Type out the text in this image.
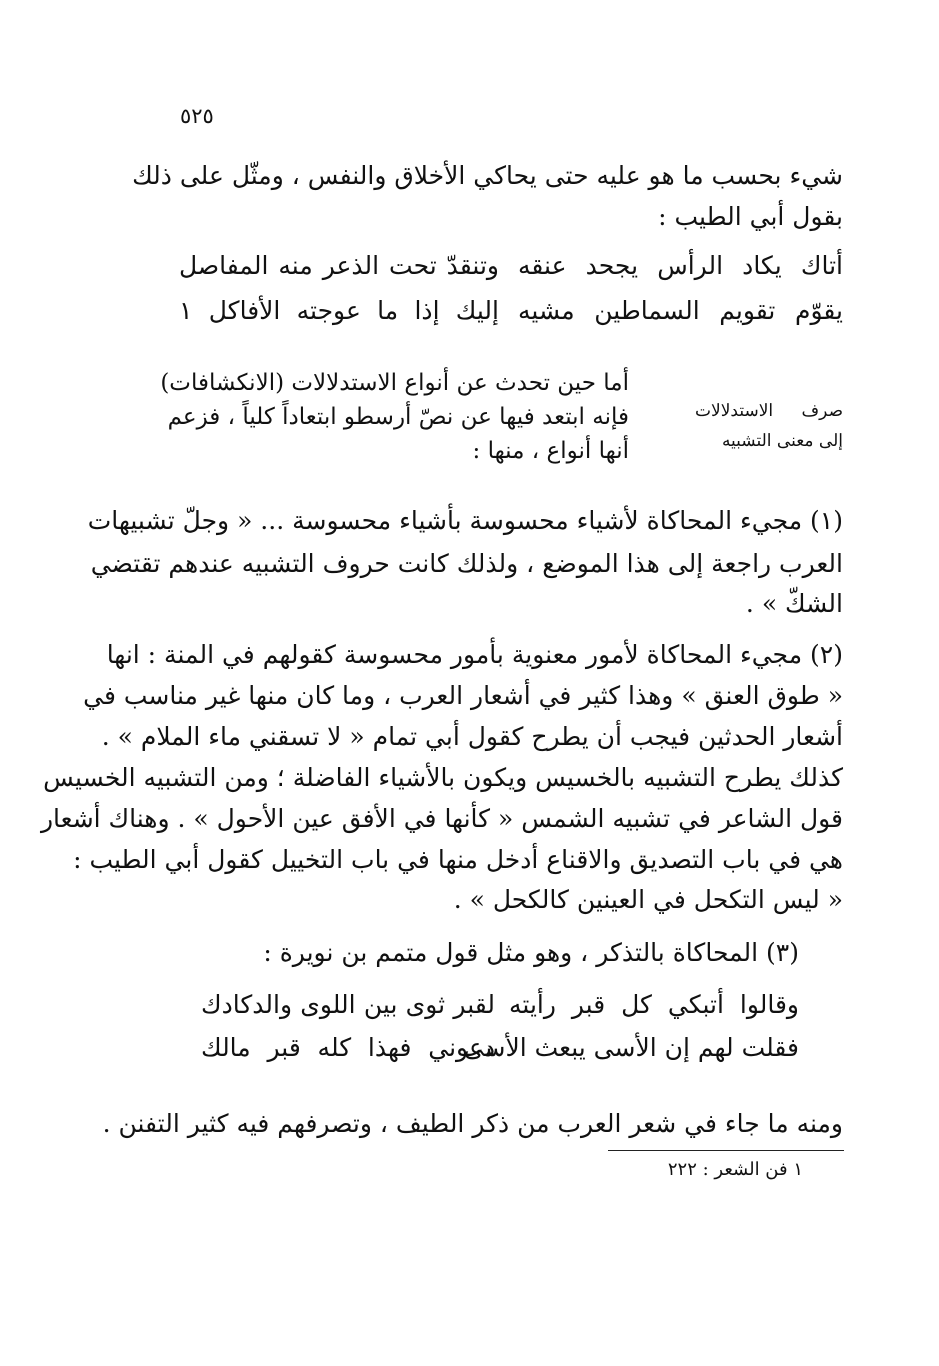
٥٢٥
شيء بحسب ما هو عليه حتى يحاكي الأخلاق والنفس ، ومثّل على ذلك
بقول أبي الطيب :
أتاك يكاد الرأس يجحد عنقه
وتنقدّ تحت الذعر منه المفاصل
يقوّم تقويم السماطين مشيه
إليك إذا ما عوجته الأفاكل ١
صرف الاستدلالات
إلى معنى التشبيه
أما حين تحدث عن أنواع الاستدلالات (الانكشافات)
فإنه ابتعد فيها عن نصّ أرسطو ابتعاداً كلياً ، فزعم
أنها أنواع ، منها :
(١) مجيء المحاكاة لأشياء محسوسة بأشياء محسوسة ... « وجلّ تشبيهات
العرب راجعة إلى هذا الموضع ، ولذلك كانت حروف التشبيه عندهم تقتضي
الشكّ » .
(٢) مجيء المحاكاة لأمور معنوية بأمور محسوسة كقولهم في المنة : انها
« طوق العنق » وهذا كثير في أشعار العرب ، وما كان منها غير مناسب في
أشعار الحدثين فيجب أن يطرح كقول أبي تمام « لا تسقني ماء الملام » .
كذلك يطرح التشبيه بالخسيس ويكون بالأشياء الفاضلة ؛ ومن التشبيه الخسيس
قول الشاعر في تشبيه الشمس « كأنها في الأفق عين الأحول » . وهناك أشعار
هي في باب التصديق والاقناع أدخل منها في باب التخييل كقول أبي الطيب :
« ليس التكحل في العينين كالكحل » .
(٣) المحاكاة بالتذكر ، وهو مثل قول متمم بن نويرة :
وقالوا أتبكي كل قبر رأيته
لقبر ثوى بين اللوى والدكادك
فقلت لهم إن الأسى يبعث الأسى
دعوني فهذا كله قبر مالك
ومنه ما جاء في شعر العرب من ذكر الطيف ، وتصرفهم فيه كثير التفنن .
١ فن الشعر : ٢٢٢
